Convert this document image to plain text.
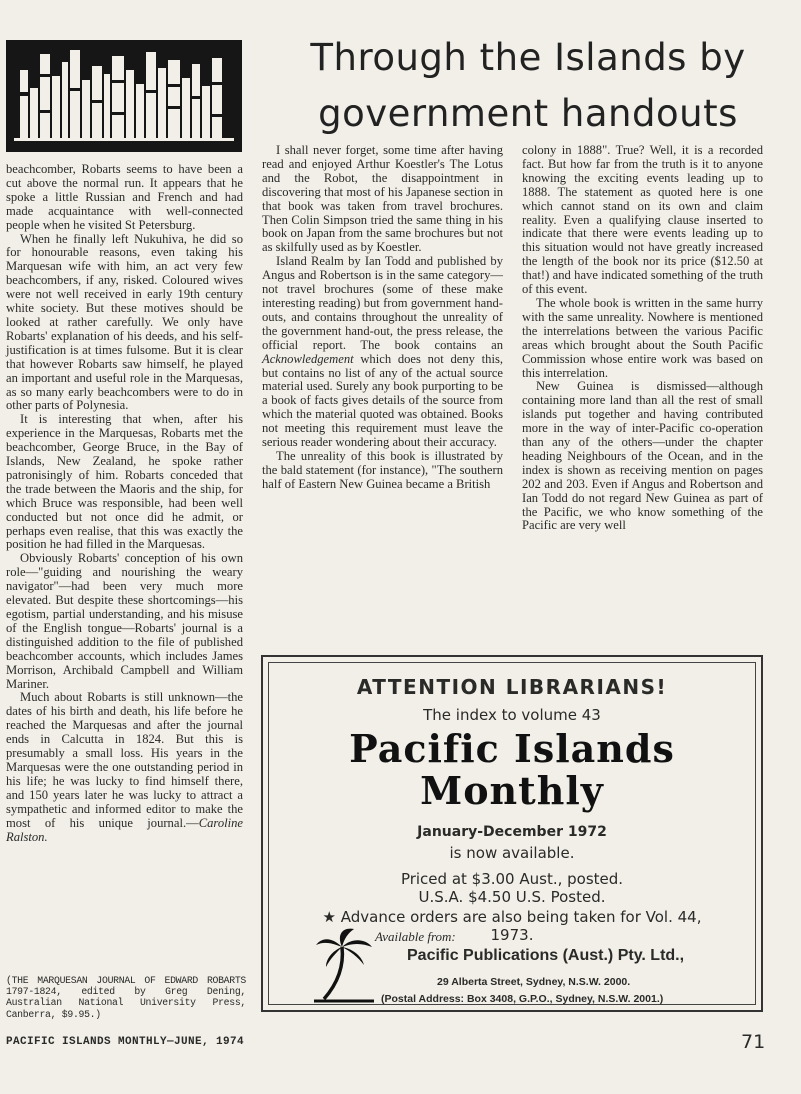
Through the Islands by government handouts

beachcomber, Robarts seems to have been a cut above the normal run. It appears that he spoke a little Russian and French and had made acquaintance with well-connected people when he visited St Petersburg.

When he finally left Nukuhiva, he did so for honourable reasons, even taking his Marquesan wife with him, an act very few beachcombers, if any, risked. Coloured wives were not well received in early 19th century white society. But these motives should be looked at rather carefully. We only have Robarts' explanation of his deeds, and his self-justification is at times fulsome. But it is clear that however Robarts saw himself, he played an important and useful role in the Marquesas, as so many early beachcombers were to do in other parts of Polynesia.

It is interesting that when, after his experience in the Marquesas, Robarts met the beachcomber, George Bruce, in the Bay of Islands, New Zealand, he spoke rather patronisingly of him. Robarts conceded that the trade between the Maoris and the ship, for which Bruce was responsible, had been well conducted but not once did he admit, or perhaps even realise, that this was exactly the position he had filled in the Marquesas.

Obviously Robarts' conception of his own role—"guiding and nourishing the weary navigator"—had been very much more elevated. But despite these shortcomings—his egotism, partial understanding, and his misuse of the English tongue—Robarts' journal is a distinguished addition to the file of published beachcomber accounts, which includes James Morrison, Archibald Campbell and William Mariner.

Much about Robarts is still unknown—the dates of his birth and death, his life before he reached the Marquesas and after the journal ends in Calcutta in 1824. But this is presumably a small loss. His years in the Marquesas were the one outstanding period in his life; he was lucky to find himself there, and 150 years later he was lucky to attract a sympathetic and informed editor to make the most of his unique journal.—Caroline Ralston.

I shall never forget, some time after having read and enjoyed Arthur Koestler's The Lotus and the Robot, the disappointment in discovering that most of his Japanese section in that book was taken from travel brochures. Then Colin Simpson tried the same thing in his book on Japan from the same brochures but not as skilfully used as by Koestler.

Island Realm by Ian Todd and published by Angus and Robertson is in the same category—not travel brochures (some of these make interesting reading) but from government hand-outs, and contains throughout the unreality of the government hand-out, the press release, the official report. The book contains an Acknowledgement which does not deny this, but contains no list of any of the actual source material used. Surely any book purporting to be a book of facts gives details of the source from which the material quoted was obtained. Books not meeting this requirement must leave the serious reader wondering about their accuracy.

The unreality of this book is illustrated by the bald statement (for instance), "The southern half of Eastern New Guinea became a British

colony in 1888". True? Well, it is a recorded fact. But how far from the truth is it to anyone knowing the exciting events leading up to 1888. The statement as quoted here is one which cannot stand on its own and claim reality. Even a qualifying clause inserted to indicate that there were events leading up to this situation would not have greatly increased the length of the book nor its price ($12.50 at that!) and have indicated something of the truth of this event.

The whole book is written in the same hurry with the same unreality. Nowhere is mentioned the interrelations between the various Pacific areas which brought about the South Pacific Commission whose entire work was based on this interrelation.

New Guinea is dismissed—although containing more land than all the rest of small islands put together and having contributed more in the way of inter-Pacific co-operation than any of the others—under the chapter heading Neighbours of the Ocean, and in the index is shown as receiving mention on pages 202 and 203. Even if Angus and Robertson and Ian Todd do not regard New Guinea as part of the Pacific, we who know something of the Pacific are very well

(THE MARQUESAN JOURNAL OF EDWARD ROBARTS 1797-1824, edited by Greg Dening, Australian National University Press, Canberra, $9.95.)
ATTENTION LIBRARIANS!
The index to volume 43
Pacific Islands
Monthly
January-December 1972
is now available.
Priced at $3.00 Aust., posted.
U.S.A. $4.50 U.S. Posted.
★ Advance orders are also being taken for Vol. 44, 1973.
Available from:
Pacific Publications (Aust.) Pty. Ltd.,
29 Alberta Street, Sydney, N.S.W. 2000.
(Postal Address: Box 3408, G.P.O., Sydney, N.S.W. 2001.)
PACIFIC ISLANDS MONTHLY—JUNE, 1974	71
